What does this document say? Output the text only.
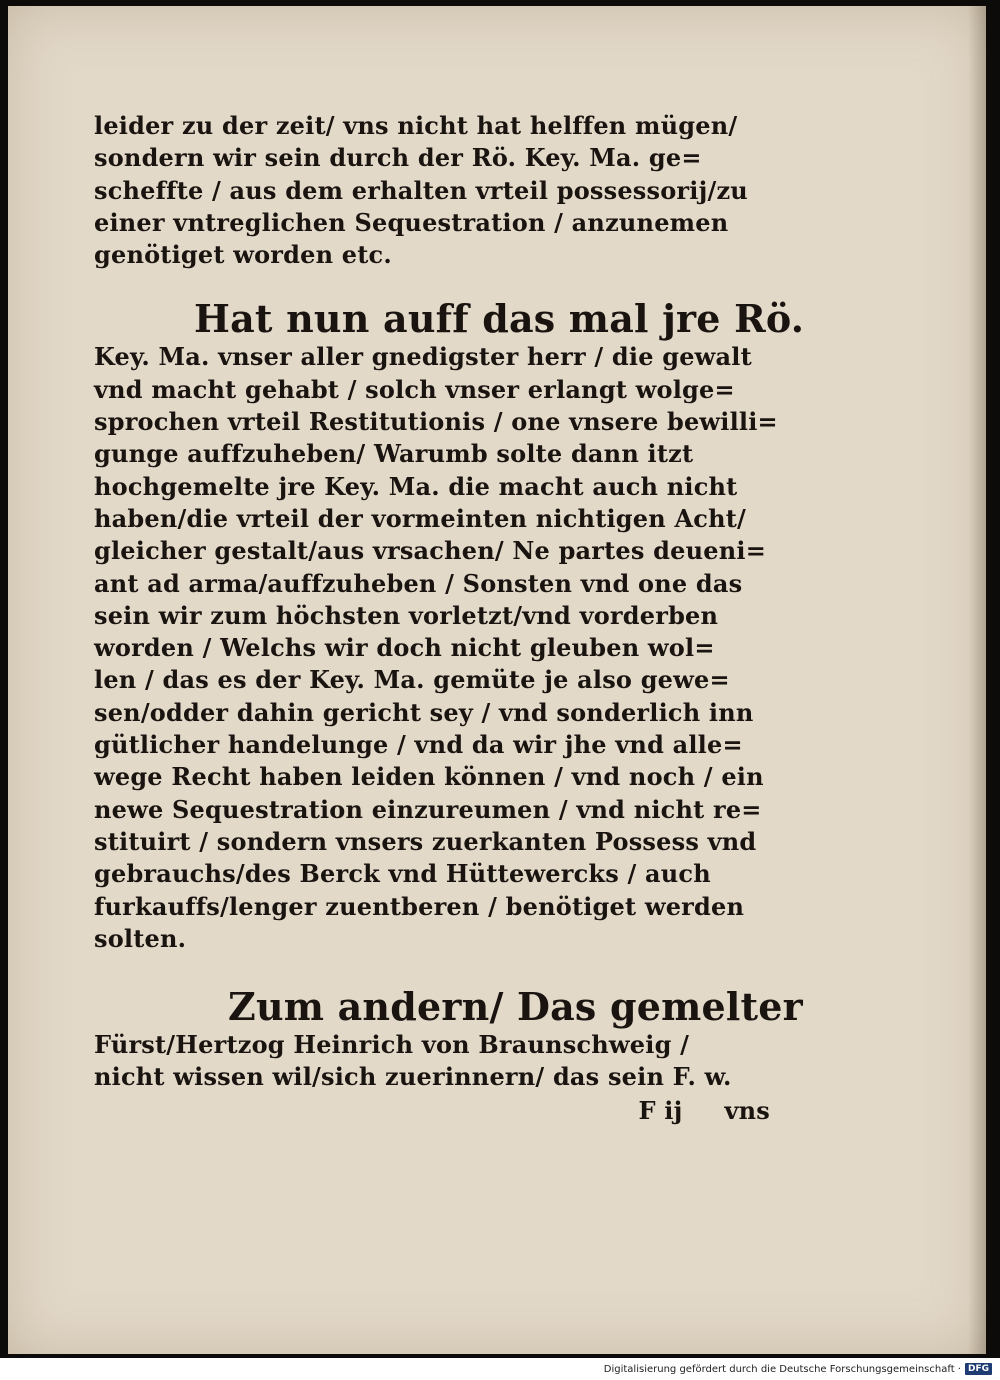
leider zu der zeit/ vns nicht hat helffen mügen/
sondern wir sein durch der Rö. Key. Ma. ge=
scheffte / aus dem erhalten vrteil possessorij/zu
einer vntreglichen Sequestration / anzunemen
genötiget worden etc.
Hat nun auff das mal jre Rö.
Key. Ma. vnser aller gnedigster herr / die gewalt
vnd macht gehabt / solch vnser erlangt wolge=
sprochen vrteil Restitutionis / one vnsere bewilli=
gunge auffzuheben/ Warumb solte dann itzt
hochgemelte jre Key. Ma. die macht auch nicht
haben/die vrteil der vormeinten nichtigen Acht/
gleicher gestalt/aus vrsachen/ Ne partes deueni=
ant ad arma/auffzuheben / Sonsten vnd one das
sein wir zum höchsten vorletzt/vnd vorderben
worden / Welchs wir doch nicht gleuben wol=
len / das es der Key. Ma. gemüte je also gewe=
sen/odder dahin gericht sey / vnd sonderlich inn
gütlicher handelunge / vnd da wir jhe vnd alle=
wege Recht haben leiden können / vnd noch / ein
newe Sequestration einzureumen / vnd nicht re=
stituirt / sondern vnsers zuerkanten Possess vnd
gebrauchs/des Berck vnd Hüttewercks / auch
furkauffs/lenger zuentberen / benötiget werden
solten.
Zum andern/ Das gemelter
Fürst/Hertzog Heinrich von Braunschweig /
nicht wissen wil/sich zuerinnern/ das sein F. w.
F ij vns
Digitalisierung gefördert durch die Deutsche Forschungsgemeinschaft · DFG
